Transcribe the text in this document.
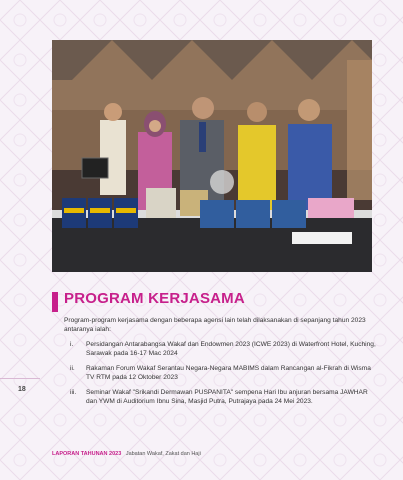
PROGRAM KERJASAMA
Program-program kerjasama dengan beberapa agensi lain telah dilaksanakan di sepanjang tahun 2023 antaranya ialah:
i.	Persidangan Antarabangsa Wakaf dan Endowmen 2023 (ICWE 2023) di Waterfront Hotel, Kuching, Sarawak pada 16-17 Mac 2024
ii.	Rakaman Forum Wakaf Serantau Negara-Negara MABIMS dalam Rancangan al-Fikrah di Wisma TV RTM pada 12 Oktober 2023
iii.	Seminar Wakaf "Srikandi Dermawan PUSPANITA" sempena Hari Ibu anjuran bersama JAWHAR dan YWM di Auditorium Ibnu Sina, Masjid Putra, Putrajaya pada 24 Mei 2023.
18
LAPORAN TAHUNAN 2023 Jabatan Wakaf, Zakat dan Haji
